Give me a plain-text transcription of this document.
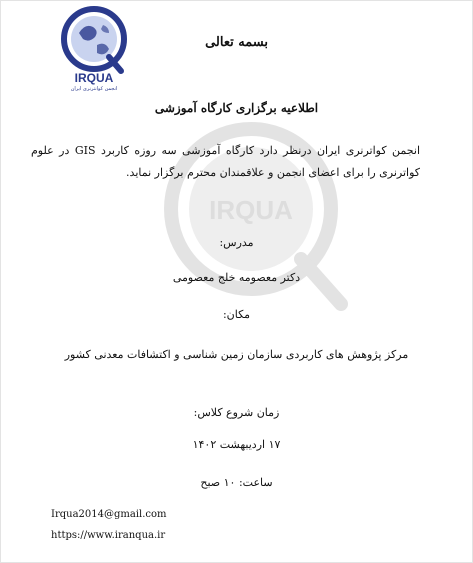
IRQUA
انجمن کوانترنری ایران
IRQUA
بسمه تعالی
اطلاعیه برگزاری کارگاه آموزشی
انجمن کواترنری ایران درنظر دارد کارگاه آموزشی سه روزه کاربرد GIS در علوم کواترنری را برای اعضای انجمن و علاقمندان محترم برگزار نماید.
مدرس:
دکتر معصومه خلج معصومی
مکان:
مرکز پژوهش های کاربردی سازمان زمین شناسی و اکتشافات معدنی کشور
زمان شروع کلاس:
۱۷ اردیبهشت ۱۴۰۲
ساعت: ۱۰ صبح
Irqua2014@gmail.com
https://www.iranqua.ir
